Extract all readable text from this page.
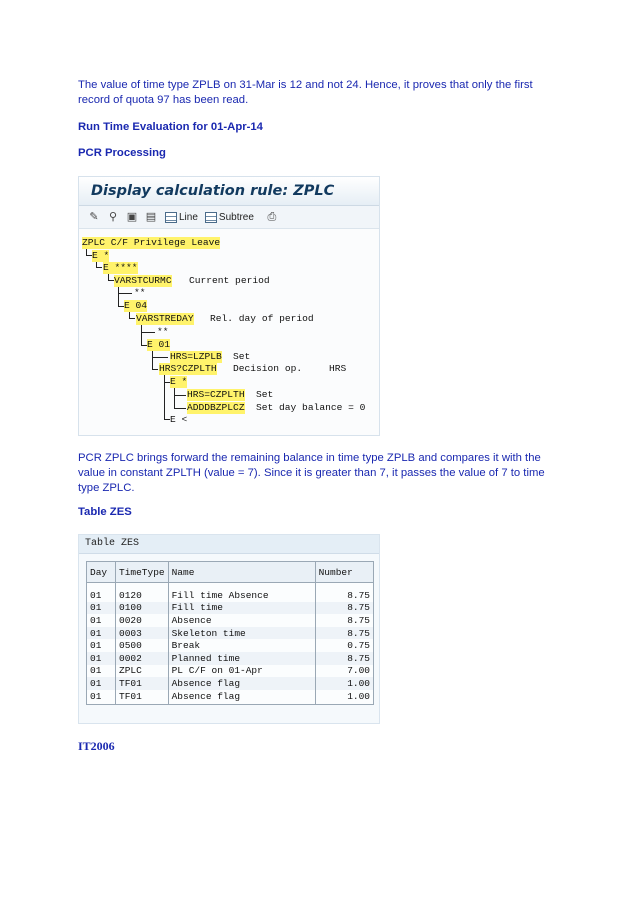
The value of time type ZPLB on 31-Mar is 12 and not 24. Hence, it proves that only the first record of quota 97 has been read.

Run Time Evaluation for 01-Apr-14

PCR Processing

Display calculation rule: ZPLC
✎ ⚲ ▣ ▤ Line Subtree ⎙
ZPLC C/F Privilege Leave
E *
E ****
VARSTCURMC Current period
**
E 04
VARSTREDAY Rel. day of period
**
E 01
HRS=LZPLB Set
HRS?CZPLTH Decision op.	HRS
E *
HRS=CZPLTH Set
ADDDBZPLCZ Set day balance = 0
E <

PCR ZPLC brings forward the remaining balance in time type ZPLB and compares it with the value in constant ZPLTH (value = 7). Since it is greater than 7, it passes the value of 7 to time type ZPLC.

Table ZES

Table ZES
Day	TimeType	Name	Number
01	0120	Fill time Absence	8.75
01	0100	Fill time	8.75
01	0020	Absence	8.75
01	0003	Skeleton time	8.75
01	0500	Break	0.75
01	0002	Planned time	8.75
01	ZPLC	PL C/F on 01-Apr	7.00
01	TF01	Absence flag	1.00
01	TF01	Absence flag	1.00

IT2006
